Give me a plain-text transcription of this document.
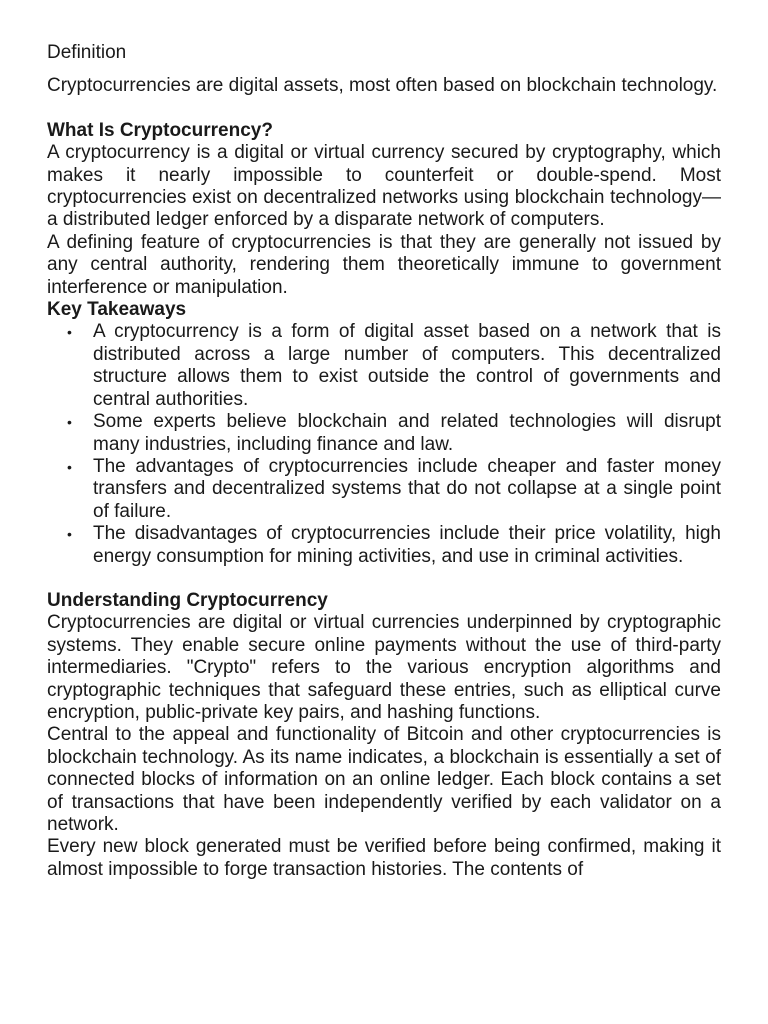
Definition

Cryptocurrencies are digital assets, most often based on blockchain technology.

What Is Cryptocurrency?

A cryptocurrency is a digital or virtual currency secured by cryptography, which makes it nearly impossible to counterfeit or double-spend. Most cryptocurrencies exist on decentralized networks using blockchain technology—a distributed ledger enforced by a disparate network of computers.

A defining feature of cryptocurrencies is that they are generally not issued by any central authority, rendering them theoretically immune to government interference or manipulation.

Key Takeaways

• A cryptocurrency is a form of digital asset based on a network that is distributed across a large number of computers. This decentralized structure allows them to exist outside the control of governments and central authorities.
• Some experts believe blockchain and related technologies will disrupt many industries, including finance and law.
• The advantages of cryptocurrencies include cheaper and faster money transfers and decentralized systems that do not collapse at a single point of failure.
• The disadvantages of cryptocurrencies include their price volatility, high energy consumption for mining activities, and use in criminal activities.

Understanding Cryptocurrency

Cryptocurrencies are digital or virtual currencies underpinned by cryptographic systems. They enable secure online payments without the use of third-party intermediaries. "Crypto" refers to the various encryption algorithms and cryptographic techniques that safeguard these entries, such as elliptical curve encryption, public-private key pairs, and hashing functions.

Central to the appeal and functionality of Bitcoin and other cryptocurrencies is blockchain technology. As its name indicates, a blockchain is essentially a set of connected blocks of information on an online ledger. Each block contains a set of transactions that have been independently verified by each validator on a network.

Every new block generated must be verified before being confirmed, making it almost impossible to forge transaction histories. The contents of
